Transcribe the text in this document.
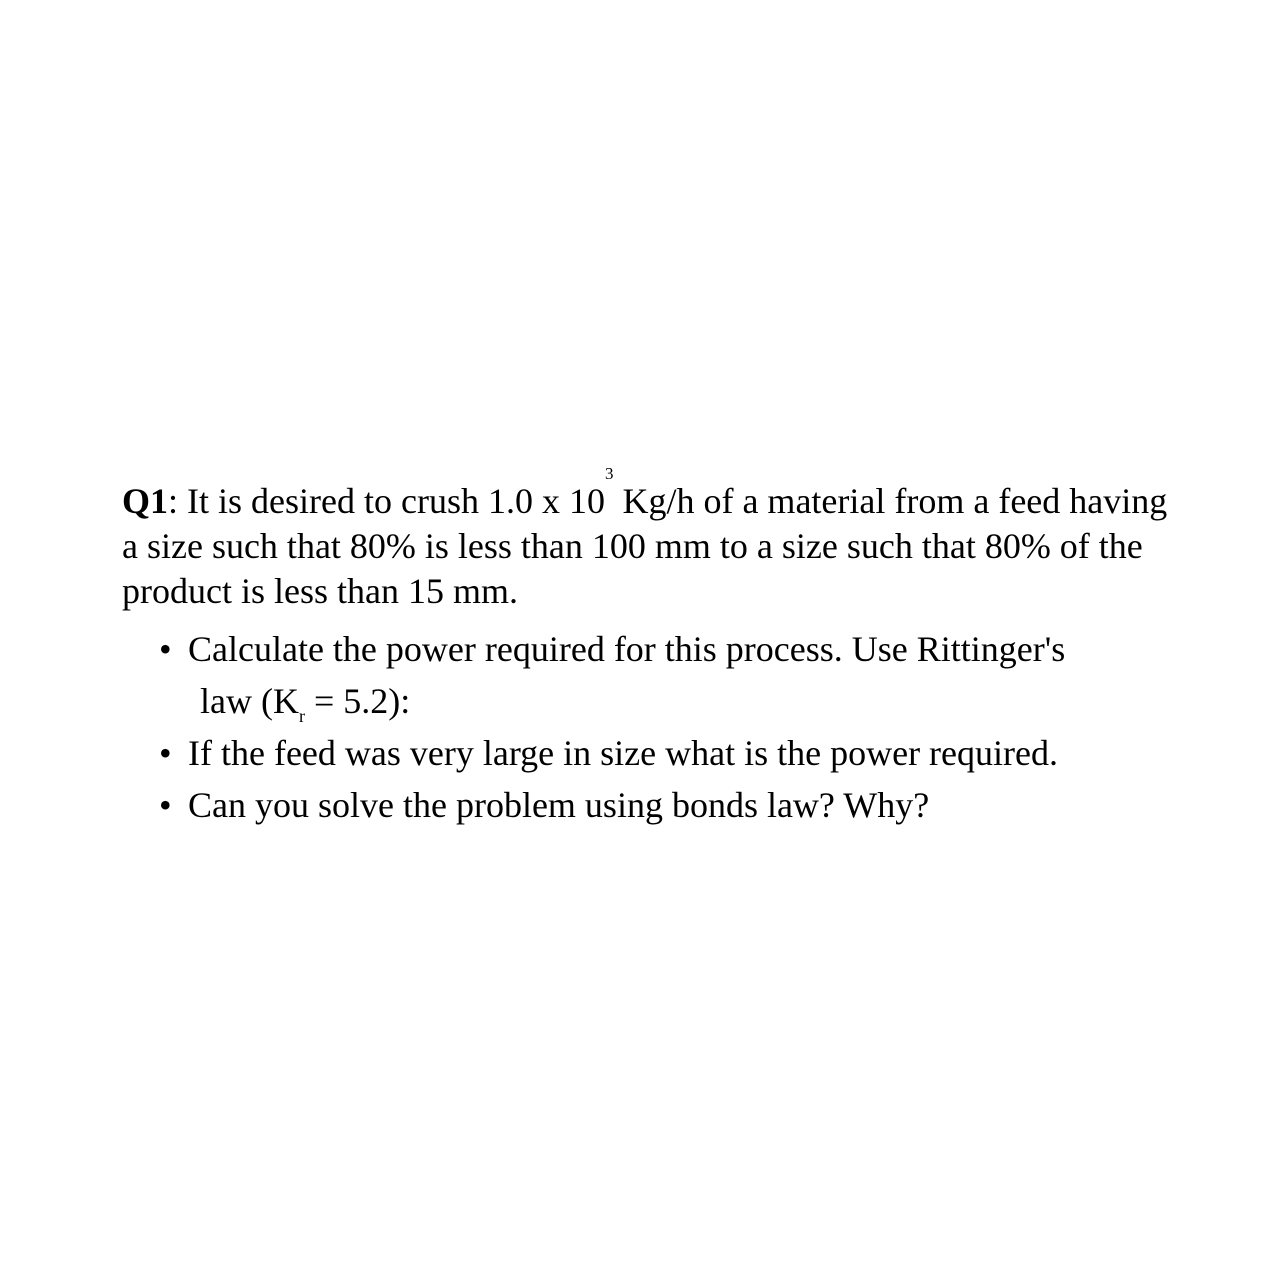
Q1: It is desired to crush 1.0 x $10^3$ Kg/h of a material from a feed having a size such that 80% is less than 100 mm to a size such that 80% of the product is less than 15 mm.

• Calculate the power required for this process. Use Rittinger's
law $(K_r = 5.2)$:
• If the feed was very large in size what is the power required.
• Can you solve the problem using bonds law? Why?
